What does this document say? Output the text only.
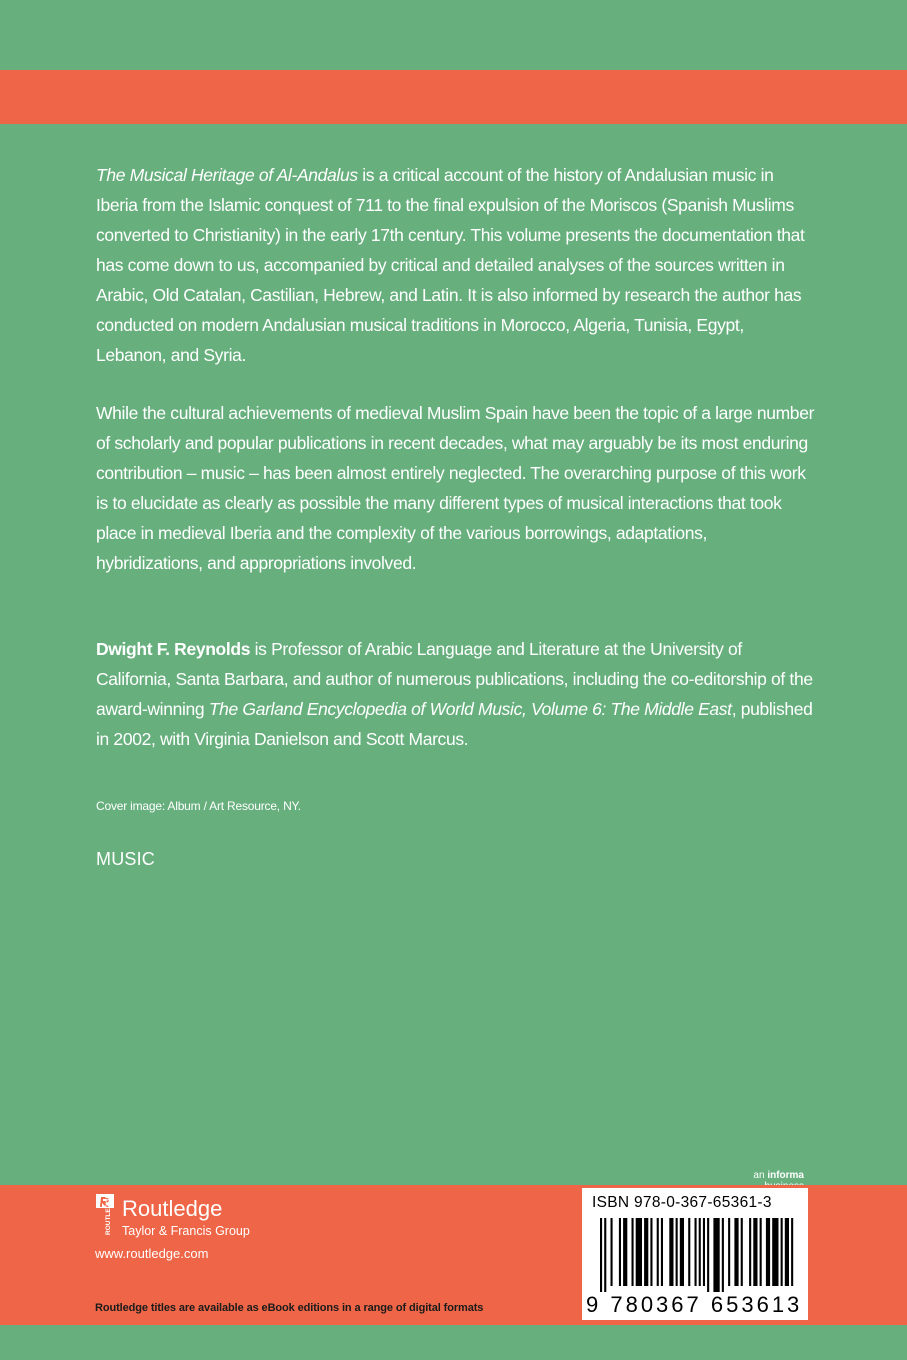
The Musical Heritage of Al-Andalus is a critical account of the history of Andalusian music in Iberia from the Islamic conquest of 711 to the final expulsion of the Moriscos (Spanish Muslims converted to Christianity) in the early 17th century. This volume presents the documentation that has come down to us, accompanied by critical and detailed analyses of the sources written in Arabic, Old Catalan, Castilian, Hebrew, and Latin. It is also informed by research the author has conducted on modern Andalusian musical traditions in Morocco, Algeria, Tunisia, Egypt, Lebanon, and Syria.

While the cultural achievements of medieval Muslim Spain have been the topic of a large number of scholarly and popular publications in recent decades, what may arguably be its most enduring contribution – music – has been almost entirely neglected. The overarching purpose of this work is to elucidate as clearly as possible the many different types of musical interactions that took place in medieval Iberia and the complexity of the various borrowings, adaptations, hybridizations, and appropriations involved.

Dwight F. Reynolds is Professor of Arabic Language and Literature at the University of California, Santa Barbara, and author of numerous publications, including the co-editorship of the award-winning The Garland Encyclopedia of World Music, Volume 6: The Middle East, published in 2002, with Virginia Danielson and Scott Marcus.

Cover image: Album / Art Resource, NY.

MUSIC

an informa
ROUTLEDGE Routledge
Taylor & Francis Group
www.routledge.com
Routledge titles are available as eBook editions in a range of digital formats
ISBN 978-0-367-65361-3
9 780367 653613
